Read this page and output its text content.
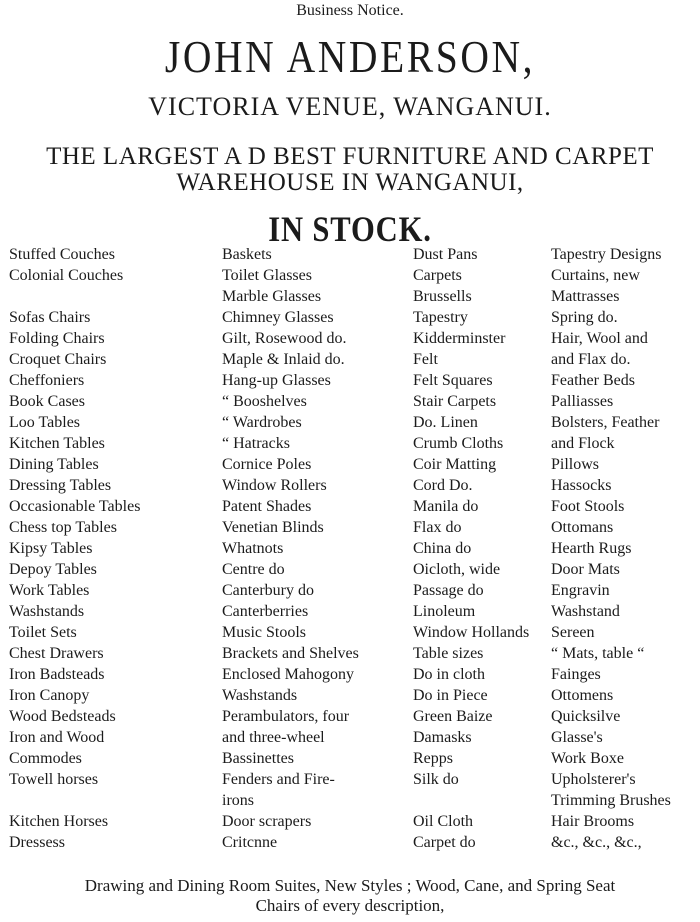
Business Notice.
JOHN ANDERSON,
VICTORIA VENUE, WANGANUI.
THE LARGEST A D BEST FURNITURE AND CARPET
WAREHOUSE IN WANGANUI,
IN STOCK.
Stuffed Couches
Colonial Couches
Sofas Chairs
Folding Chairs
Croquet Chairs
Cheffoniers
Book Cases
Loo Tables
Kitchen Tables
Dining Tables
Dressing Tables
Occasionable Tables
Chess top Tables
Kipsy Tables
Depoy Tables
Work Tables
Washstands
Toilet Sets
Chest Drawers
Iron Badsteads
Iron Canopy
Wood Bedsteads
Iron and Wood
Commodes
Towell horses
Kitchen Horses
Dressess
Baskets
Toilet Glasses
Marble Glasses
Chimney Glasses
Gilt, Rosewood do.
Maple & Inlaid do.
Hang-up Glasses
“ Booshelves
“ Wardrobes
“ Hatracks
Cornice Poles
Window Rollers
Patent Shades
Venetian Blinds
Whatnots
Centre do
Canterbury do
Canterberries
Music Stools
Brackets and Shelves
Enclosed Mahogony
Washstands
Perambulators, four
and three-wheel
Bassinettes
Fenders and Fire-
irons
Door scrapers
Critcnne
Dust Pans
Carpets
Brussells
Tapestry
Kidderminster
Felt
Felt Squares
Stair Carpets
Do. Linen
Crumb Cloths
Coir Matting
Cord Do.
Manila do
Flax do
China do
Oicloth, wide
Passage do
Linoleum
Window Hollands
Table sizes
Do in cloth
Do in Piece
Green Baize
Damasks
Repps
Silk do
Oil Cloth
Carpet do
Tapestry Designs
Curtains, new
Mattrasses
Spring do.
Hair, Wool and
and Flax do.
Feather Beds
Palliasses
Bolsters, Feather
and Flock
Pillows
Hassocks
Foot Stools
Ottomans
Hearth Rugs
Door Mats
Engravin
Washstand
Sereen
“ Mats, table “
Fainges
Ottomens
Quicksilve
Glasse's
Work Boxe
Upholsterer's
Trimming Brushes
Hair Brooms
&c., &c., &c.,
Drawing and Dining Room Suites, New Styles ; Wood, Cane, and Spring Seat
Chairs of every description,
